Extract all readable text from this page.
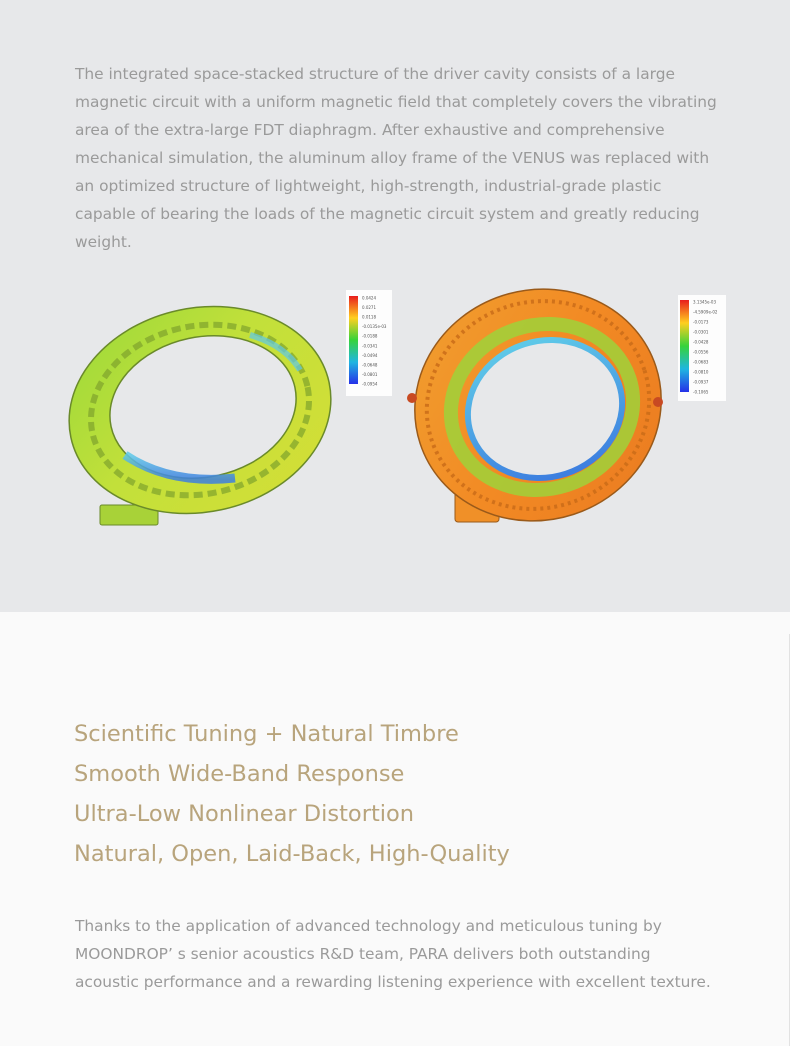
The integrated space-stacked structure of the driver cavity consists of a large magnetic circuit with a uniform magnetic field that completely covers the vibrating area of the extra-large FDT diaphragm. After exhaustive and comprehensive mechanical simulation, the aluminum alloy frame of the VENUS was replaced with an optimized structure of lightweight, high-strength, industrial-grade plastic capable of bearing the loads of the magnetic circuit system and greatly reducing weight.

0.0424
0.0271
0.0118
-0.0135e-03
-0.0188
-0.0341
-0.0494
-0.0648
-0.0801
-0.0954
3.1345e-03
-4.5909e-02
-0.0173
-0.0301
-0.0428
-0.0556
-0.0683
-0.0810
-0.0937
-0.1065
Scientific Tuning + Natural Timbre
Smooth Wide-Band Response
Ultra-Low Nonlinear Distortion
Natural, Open, Laid-Back, High-Quality

Thanks to the application of advanced technology and meticulous tuning by MOONDROP’ s senior acoustics R&D team, PARA delivers both outstanding acoustic performance and a rewarding listening experience with excellent texture.
